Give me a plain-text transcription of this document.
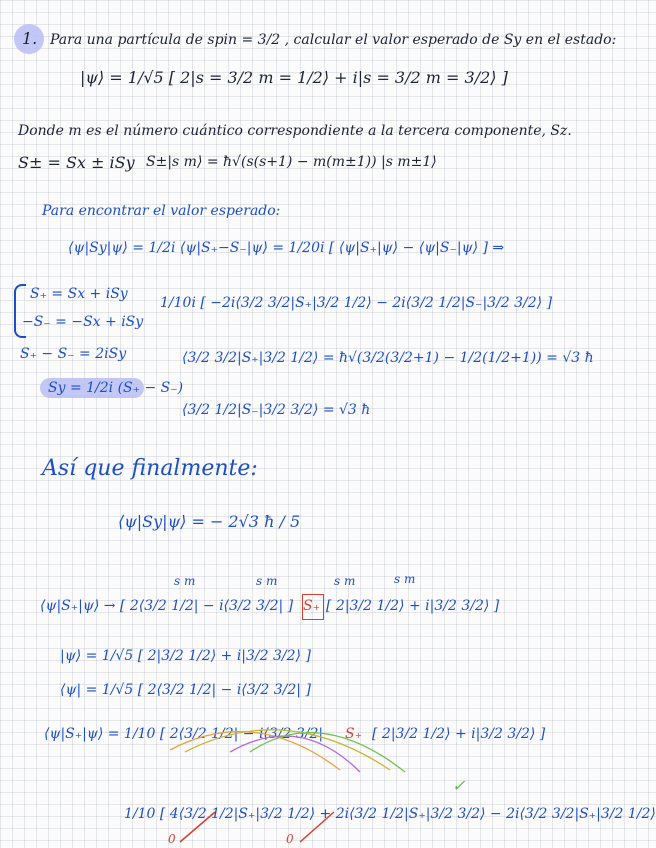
1. Para una partícula de spin = 3/2 , calcular el valor esperado de Sy en el estado:
|ψ⟩ = 1/√5 [ 2|s = 3/2 m = 1/2⟩ + i|s = 3/2 m = 3/2⟩ ]
Donde m es el número cuántico correspondiente a la tercera componente, Sz.
S± = Sx ± iSy S±|s m⟩ = ħ√(s(s+1) − m(m±1)) |s m±1⟩
Para encontrar el valor esperado:
⟨ψ|Sy|ψ⟩ = 1/2i ⟨ψ|S₊−S₋|ψ⟩ = 1/20i [ ⟨ψ|S₊|ψ⟩ − ⟨ψ|S₋|ψ⟩ ] ⇒
S₊ = Sx + iSy
−S₋ = −Sx + iSy
S₊ − S₋ = 2iSy
Sy = 1/2i (S₊ − S₋)
1/10i [ −2i⟨3/2 3/2|S₊|3/2 1/2⟩ − 2i⟨3/2 1/2|S₋|3/2 3/2⟩ ]
⟨3/2 3/2|S₊|3/2 1/2⟩ = ħ√(3/2(3/2+1) − 1/2(1/2+1)) = √3 ħ
⟨3/2 1/2|S₋|3/2 3/2⟩ = √3 ħ
Así que finalmente:
⟨ψ|Sy|ψ⟩ = − 2√3 ħ / 5
s m	s m	s m	s m
⟨ψ|S₊|ψ⟩ → [ 2⟨3/2 1/2| − i⟨3/2 3/2| ] S₊ [ 2|3/2 1/2⟩ + i|3/2 3/2⟩ ]
|ψ⟩ = 1/√5 [ 2|3/2 1/2⟩ + i|3/2 3/2⟩ ]
⟨ψ| = 1/√5 [ 2⟨3/2 1/2| − i⟨3/2 3/2| ]
⟨ψ|S₊|ψ⟩ = 1/10 [ 2⟨3/2 1/2| − i⟨3/2 3/2| S₊ [ 2|3/2 1/2⟩ + i|3/2 3/2⟩ ]
✓
1/10 [ 4⟨3/2 1/2|S₊|3/2 1/2⟩ + 2i⟨3/2 1/2|S₊|3/2 3/2⟩ − 2i⟨3/2 3/2|S₊|3/2 1/2⟩
0	0
